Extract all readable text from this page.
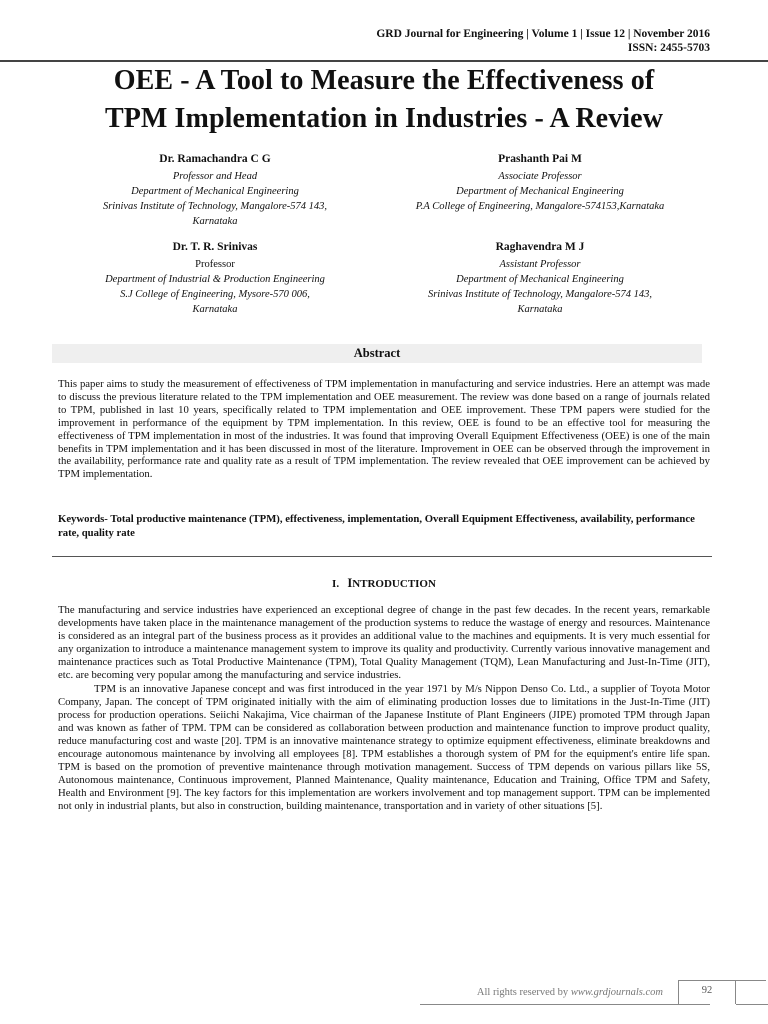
GRD Journal for Engineering | Volume 1 | Issue 12 | November 2016
ISSN: 2455-5703
OEE - A Tool to Measure the Effectiveness of
TPM Implementation in Industries - A Review
Dr. Ramachandra C G
Professor and Head
Department of Mechanical Engineering
Srinivas Institute of Technology, Mangalore-574 143,
Karnataka
Prashanth Pai M
Associate Professor
Department of Mechanical Engineering
P.A College of Engineering, Mangalore-574153,Karnataka
Dr. T. R. Srinivas
Professor
Department of Industrial & Production Engineering
S.J College of Engineering, Mysore-570 006,
Karnataka
Raghavendra M J
Assistant Professor
Department of Mechanical Engineering
Srinivas Institute of Technology, Mangalore-574 143,
Karnataka
Abstract
This paper aims to study the measurement of effectiveness of TPM implementation in manufacturing and service industries. Here an attempt was made to discuss the previous literature related to the TPM implementation and OEE measurement. The review was done based on a range of journals related to TPM, published in last 10 years, specifically related to TPM implementation and OEE improvement. These TPM papers were studied for the improvement in performance of the equipment by TPM implementation. In this review, OEE is found to be an effective tool for measuring the effectiveness of TPM implementation in most of the industries. It was found that improving Overall Equipment Effectiveness (OEE) is one of the main benefits in TPM implementation and it has been discussed in most of the literature. Improvement in OEE can be observed through the improvement in the availability, performance rate and quality rate as a result of TPM implementation. The review revealed that OEE improvement can be achieved by TPM implementation.
Keywords- Total productive maintenance (TPM), effectiveness, implementation, Overall Equipment Effectiveness, availability, performance rate, quality rate
I. INTRODUCTION

The manufacturing and service industries have experienced an exceptional degree of change in the past few decades. In the recent years, remarkable developments have taken place in the maintenance management of the production systems to reduce the wastage of energy and resources. Maintenance is considered as an integral part of the business process as it provides an additional value to the machines and equipments. It is very much essential for any organization to introduce a maintenance management system to improve its quality and productivity. Currently various innovative management and maintenance practices such as Total Productive Maintenance (TPM), Total Quality Management (TQM), Lean Manufacturing and Just-In-Time (JIT), etc. are becoming very popular among the manufacturing and service industries.

TPM is an innovative Japanese concept and was first introduced in the year 1971 by M/s Nippon Denso Co. Ltd., a supplier of Toyota Motor Company, Japan. The concept of TPM originated initially with the aim of eliminating production losses due to limitations in the Just-In-Time (JIT) process for production operations. Seiichi Nakajima, Vice chairman of the Japanese Institute of Plant Engineers (JIPE) promoted TPM through Japan and was known as father of TPM. TPM can be considered as collaboration between production and maintenance function to improve product quality, reduce manufacturing cost and waste [20]. TPM is an innovative maintenance strategy to optimize equipment effectiveness, eliminate breakdowns and encourage autonomous maintenance by involving all employees [8]. TPM establishes a thorough system of PM for the equipment's entire life span. TPM is based on the promotion of preventive maintenance through motivation management. Success of TPM depends on various pillars like 5S, Autonomous maintenance, Continuous improvement, Planned Maintenance, Quality maintenance, Education and Training, Office TPM and Safety, Health and Environment [9]. The key factors for this implementation are workers involvement and top management support. TPM can be implemented not only in industrial plants, but also in construction, building maintenance, transportation and in variety of other situations [5].

All rights reserved by www.grdjournals.com	92
